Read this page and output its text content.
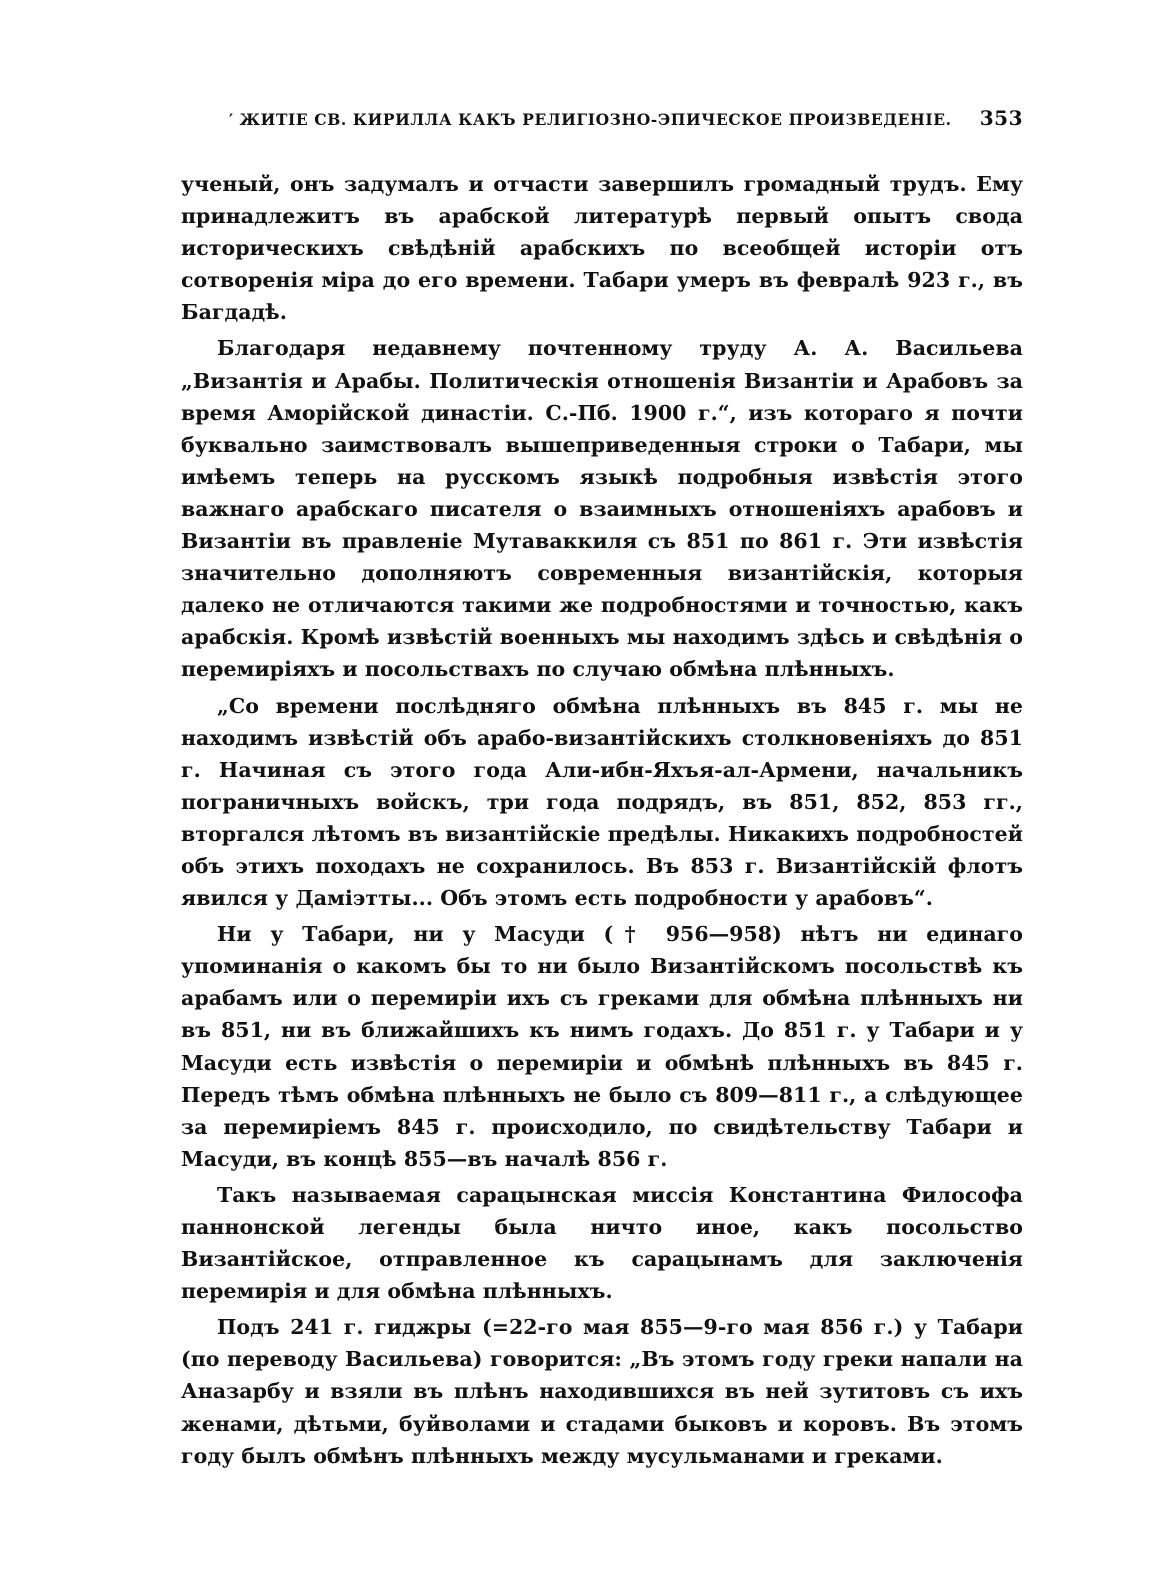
′ ЖИТІЕ СВ. КИРИЛЛА КАКЪ РЕЛИГІОЗНО-ЭПИЧЕСКОЕ ПРОИЗВЕДЕНІЕ. 353

ученый, онъ задумалъ и отчасти завершилъ громадный трудъ. Ему принадлежитъ въ арабской литературѣ первый опытъ свода историческихъ свѣдѣній арабскихъ по всеобщей исторіи отъ сотворенія міра до его времени. Табари умеръ въ февралѣ 923 г., въ Багдадѣ.

Благодаря недавнему почтенному труду А. А. Васильева „Византія и Арабы. Политическія отношенія Византіи и Арабовъ за время Аморійской династіи. С.-Пб. 1900 г.“, изъ котораго я почти буквально заимствовалъ вышеприведенныя строки о Табари, мы имѣемъ теперь на русскомъ языкѣ подробныя извѣстія этого важнаго арабскаго писателя о взаимныхъ отношеніяхъ арабовъ и Византіи въ правленіе Мутаваккиля съ 851 по 861 г. Эти извѣстія значительно дополняютъ современныя византійскія, которыя далеко не отличаются такими же подробностями и точностью, какъ арабскія. Кромѣ извѣстій военныхъ мы находимъ здѣсь и свѣдѣнія о перемиріяхъ и посольствахъ по случаю обмѣна плѣнныхъ.

„Со времени послѣдняго обмѣна плѣнныхъ въ 845 г. мы не находимъ извѣстій объ арабо-византійскихъ столкновеніяхъ до 851 г. Начиная съ этого года Али-ибн-Яхъя-ал-Армени, начальникъ пограничныхъ войскъ, три года подрядъ, въ 851, 852, 853 гг., вторгался лѣтомъ въ византійскіе предѣлы. Никакихъ подробностей объ этихъ походахъ не сохранилось. Въ 853 г. Византійскій флотъ явился у Даміэтты... Объ этомъ есть подробности у арабовъ“.

Ни у Табари, ни у Масуди († 956—958) нѣтъ ни единаго упоминанія о какомъ бы то ни было Византійскомъ посольствѣ къ арабамъ или о перемиріи ихъ съ греками для обмѣна плѣнныхъ ни въ 851, ни въ ближайшихъ къ нимъ годахъ. До 851 г. у Табари и у Масуди есть извѣстія о перемиріи и обмѣнѣ плѣнныхъ въ 845 г. Передъ тѣмъ обмѣна плѣнныхъ не было съ 809—811 г., а слѣдующее за перемиріемъ 845 г. происходило, по свидѣтельству Табари и Масуди, въ концѣ 855—въ началѣ 856 г.

Такъ называемая сарацынская миссія Константина Философа паннонской легенды была ничто иное, какъ посольство Византійское, отправленное къ сарацынамъ для заключенія перемирія и для обмѣна плѣнныхъ.

Подъ 241 г. гиджры (=22-го мая 855—9-го мая 856 г.) у Табари (по переводу Васильева) говорится: „Въ этомъ году греки напали на Аназарбу и взяли въ плѣнъ находившихся въ ней зутитовъ съ ихъ женами, дѣтьми, буйволами и стадами быковъ и коровъ. Въ этомъ году былъ обмѣнъ плѣнныхъ между мусульманами и греками.
